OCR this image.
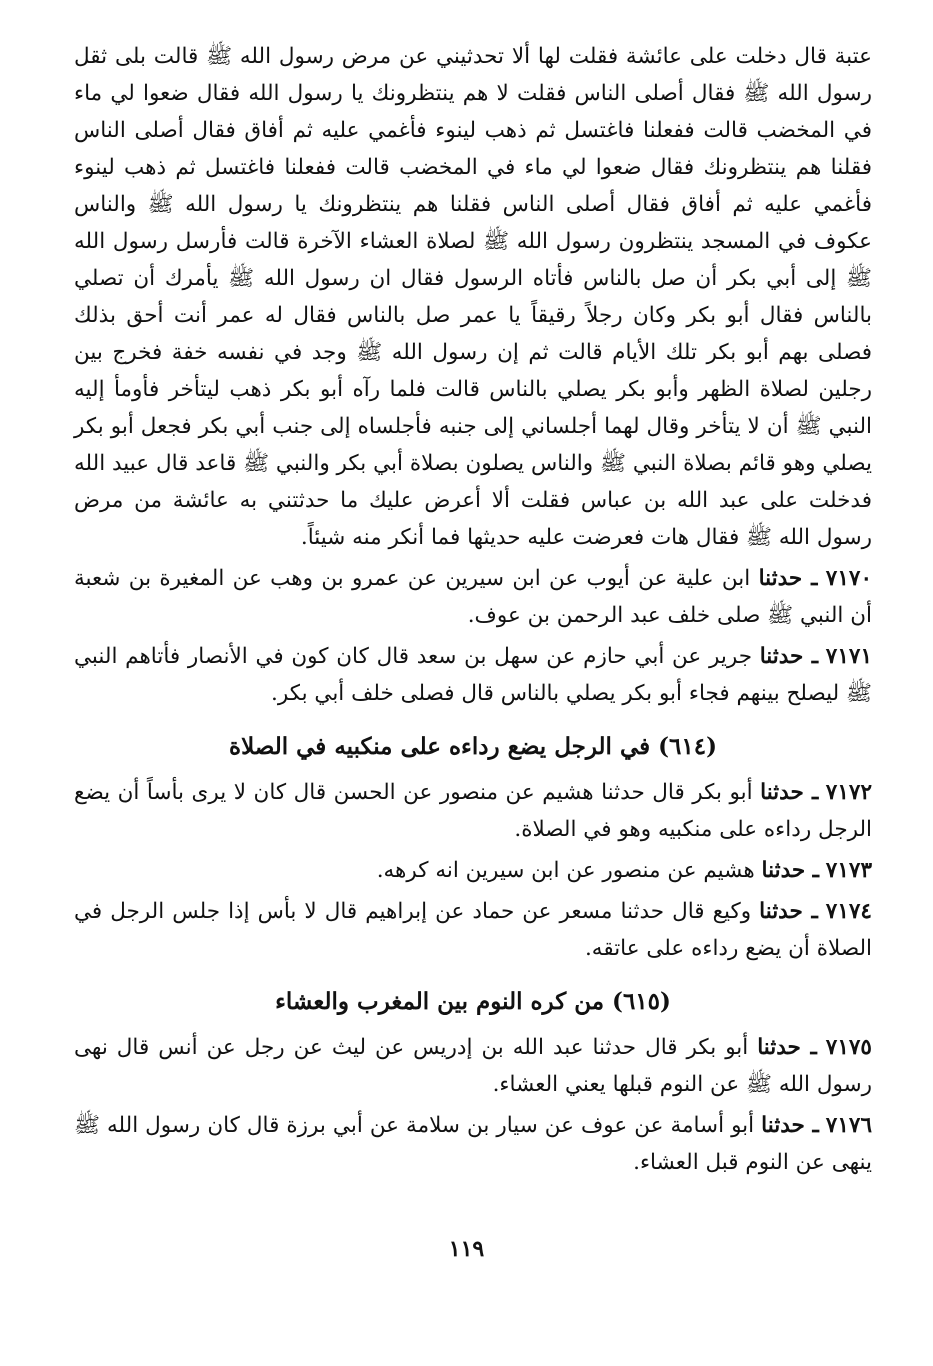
عتبة قال دخلت على عائشة فقلت لها ألا تحدثيني عن مرض رسول الله ﷺ قالت بلى ثقل رسول الله ﷺ فقال أصلى الناس فقلت لا هم ينتظرونك يا رسول الله فقال ضعوا لي ماء في المخضب قالت ففعلنا فاغتسل ثم ذهب لينوء فأغمي عليه ثم أفاق فقال أصلى الناس فقلنا هم ينتظرونك فقال ضعوا لي ماء في المخضب قالت ففعلنا فاغتسل ثم ذهب لينوء فأغمي عليه ثم أفاق فقال أصلى الناس فقلنا هم ينتظرونك يا رسول الله ﷺ والناس عكوف في المسجد ينتظرون رسول الله ﷺ لصلاة العشاء الآخرة قالت فأرسل رسول الله ﷺ إلى أبي بكر أن صل بالناس فأتاه الرسول فقال ان رسول الله ﷺ يأمرك أن تصلي بالناس فقال أبو بكر وكان رجلاً رقيقاً يا عمر صل بالناس فقال له عمر أنت أحق بذلك فصلى بهم أبو بكر تلك الأيام قالت ثم إن رسول الله ﷺ وجد في نفسه خفة فخرج بين رجلين لصلاة الظهر وأبو بكر يصلي بالناس قالت فلما رآه أبو بكر ذهب ليتأخر فأومأ إليه النبي ﷺ أن لا يتأخر وقال لهما أجلساني إلى جنبه فأجلساه إلى جنب أبي بكر فجعل أبو بكر يصلي وهو قائم بصلاة النبي ﷺ والناس يصلون بصلاة أبي بكر والنبي ﷺ قاعد قال عبيد الله فدخلت على عبد الله بن عباس فقلت ألا أعرض عليك ما حدثتني به عائشة من مرض رسول الله ﷺ فقال هات فعرضت عليه حديثها فما أنكر منه شيئاً.

٧١٧٠ ـ حدثنا ابن علية عن أيوب عن ابن سيرين عن عمرو بن وهب عن المغيرة بن شعبة أن النبي ﷺ صلى خلف عبد الرحمن بن عوف.

٧١٧١ ـ حدثنا جرير عن أبي حازم عن سهل بن سعد قال كان كون في الأنصار فأتاهم النبي ﷺ ليصلح بينهم فجاء أبو بكر يصلي بالناس قال فصلى خلف أبي بكر.

(٦١٤) في الرجل يضع رداءه على منكبيه في الصلاة

٧١٧٢ ـ حدثنا أبو بكر قال حدثنا هشيم عن منصور عن الحسن قال كان لا يرى بأساً أن يضع الرجل رداءه على منكبيه وهو في الصلاة.

٧١٧٣ ـ حدثنا هشيم عن منصور عن ابن سيرين انه كرهه.

٧١٧٤ ـ حدثنا وكيع قال حدثنا مسعر عن حماد عن إبراهيم قال لا بأس إذا جلس الرجل في الصلاة أن يضع رداءه على عاتقه.

(٦١٥) من كره النوم بين المغرب والعشاء

٧١٧٥ ـ حدثنا أبو بكر قال حدثنا عبد الله بن إدريس عن ليث عن رجل عن أنس قال نهى رسول الله ﷺ عن النوم قبلها يعني العشاء.

٧١٧٦ ـ حدثنا أبو أسامة عن عوف عن سيار بن سلامة عن أبي برزة قال كان رسول الله ﷺ ينهى عن النوم قبل العشاء.

١١٩
